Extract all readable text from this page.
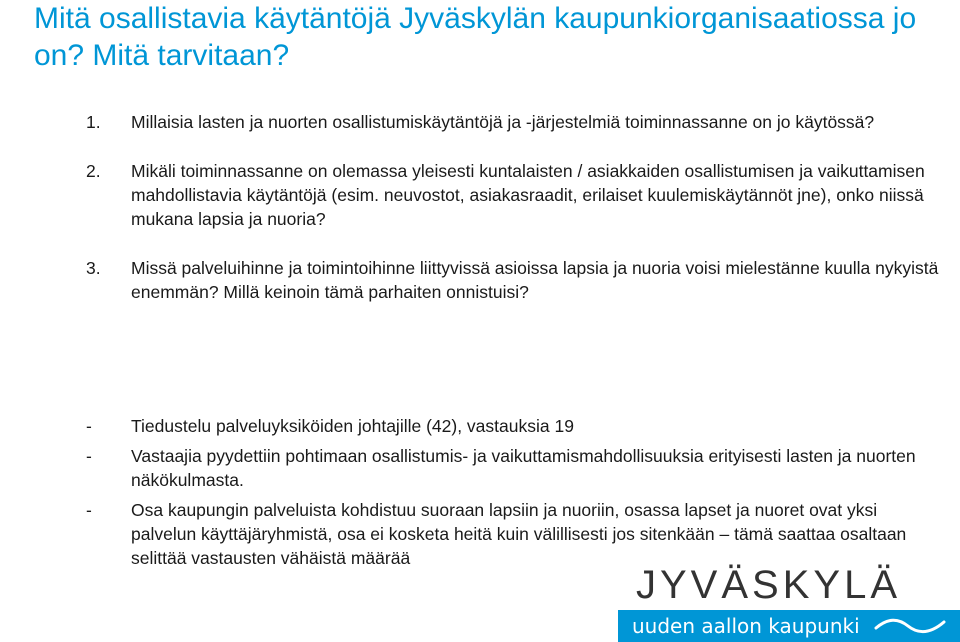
Mitä osallistavia käytäntöjä Jyväskylän kaupunkiorganisaatiossa jo on? Mitä tarvitaan?
1.	Millaisia lasten ja nuorten osallistumiskäytäntöjä ja -järjestelmiä toiminnassanne on jo käytössä?
2.	Mikäli toiminnassanne on olemassa yleisesti kuntalaisten / asiakkaiden osallistumisen ja vaikuttamisen mahdollistavia käytäntöjä (esim. neuvostot, asiakasraadit, erilaiset kuulemiskäytännöt jne), onko niissä mukana lapsia ja nuoria?
3.	Missä palveluihinne ja toimintoihinne liittyvissä asioissa lapsia ja nuoria voisi mielestänne kuulla nykyistä enemmän? Millä keinoin tämä parhaiten onnistuisi?
- Tiedustelu palveluyksiköiden johtajille (42), vastauksia 19
- Vastaajia pyydettiin pohtimaan osallistumis- ja vaikuttamismahdollisuuksia erityisesti lasten ja nuorten näkökulmasta.
- Osa kaupungin palveluista kohdistuu suoraan lapsiin ja nuoriin, osassa lapset ja nuoret ovat yksi palvelun käyttäjäryhmistä, osa ei kosketa heitä kuin välillisesti jos sitenkään – tämä saattaa osaltaan selittää vastausten vähäistä määrää
JYVÄSKYLÄ
uuden aallon kaupunki
